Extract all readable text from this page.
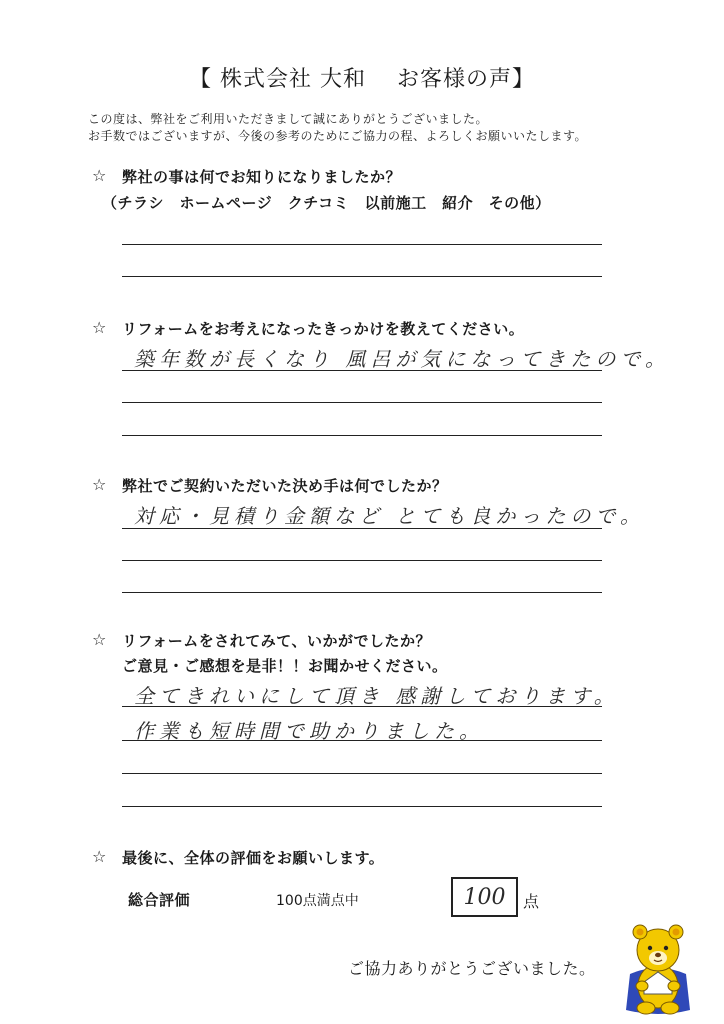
【 株式会社 大和　 お客様の声】
この度は、弊社をご利用いただきまして誠にありがとうございました。
お手数ではございますが、今後の参考のためにご協力の程、よろしくお願いいたします。
☆ 弊社の事は何でお知りになりましたか？
（チラシ　ホームページ　クチコミ　以前施工　紹介　その他）
☆ リフォームをお考えになったきっかけを教えてください。
築年数が長くなり 風呂が気になってきたので。
☆ 弊社でご契約いただいた決め手は何でしたか？
対応・見積り金額など とても良かったので。
☆ リフォームをされてみて、いかがでしたか？
ご意見・ご感想を是非！！お聞かせください。
全てきれいにして頂き 感謝しております。
作業も短時間で助かりました。
☆ 最後に、全体の評価をお願いします。
総合評価	100点満点中	100 点
ご協力ありがとうございました。
